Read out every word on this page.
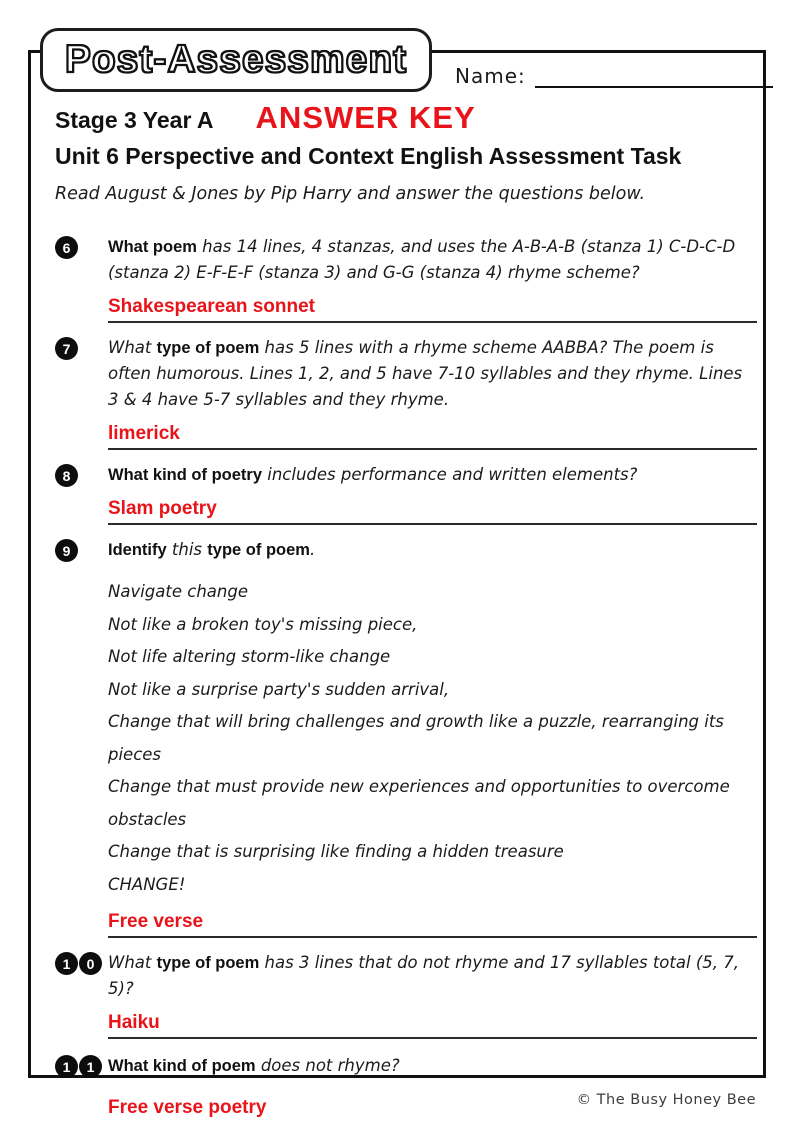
Post-Assessment Name:
Stage 3 Year A ANSWER KEY
Unit 6 Perspective and Context English Assessment Task
Read August & Jones by Pip Harry and answer the questions below.
6	What poem has 14 lines, 4 stanzas, and uses the A-B-A-B (stanza 1) C-D-C-D (stanza 2) E-F-E-F (stanza 3) and G-G (stanza 4) rhyme scheme?

Shakespearean sonnet
7	What type of poem has 5 lines with a rhyme scheme AABBA? The poem is often humorous. Lines 1, 2, and 5 have 7-10 syllables and they rhyme. Lines 3 & 4 have 5-7 syllables and they rhyme.

limerick
8	What kind of poetry includes performance and written elements?

Slam poetry
9	Identify this type of poem.

Navigate change

Not like a broken toy's missing piece,

Not life altering storm-like change

Not like a surprise party's sudden arrival,

Change that will bring challenges and growth like a puzzle, rearranging its pieces

Change that must provide new experiences and opportunities to overcome obstacles

Change that is surprising like finding a hidden treasure

CHANGE!

Free verse
1	0 What type of poem has 3 lines that do not rhyme and 17 syllables total (5, 7, 5)?

Haiku
1	1 What kind of poem does not rhyme?

Free verse poetry	© The Busy Honey Bee
